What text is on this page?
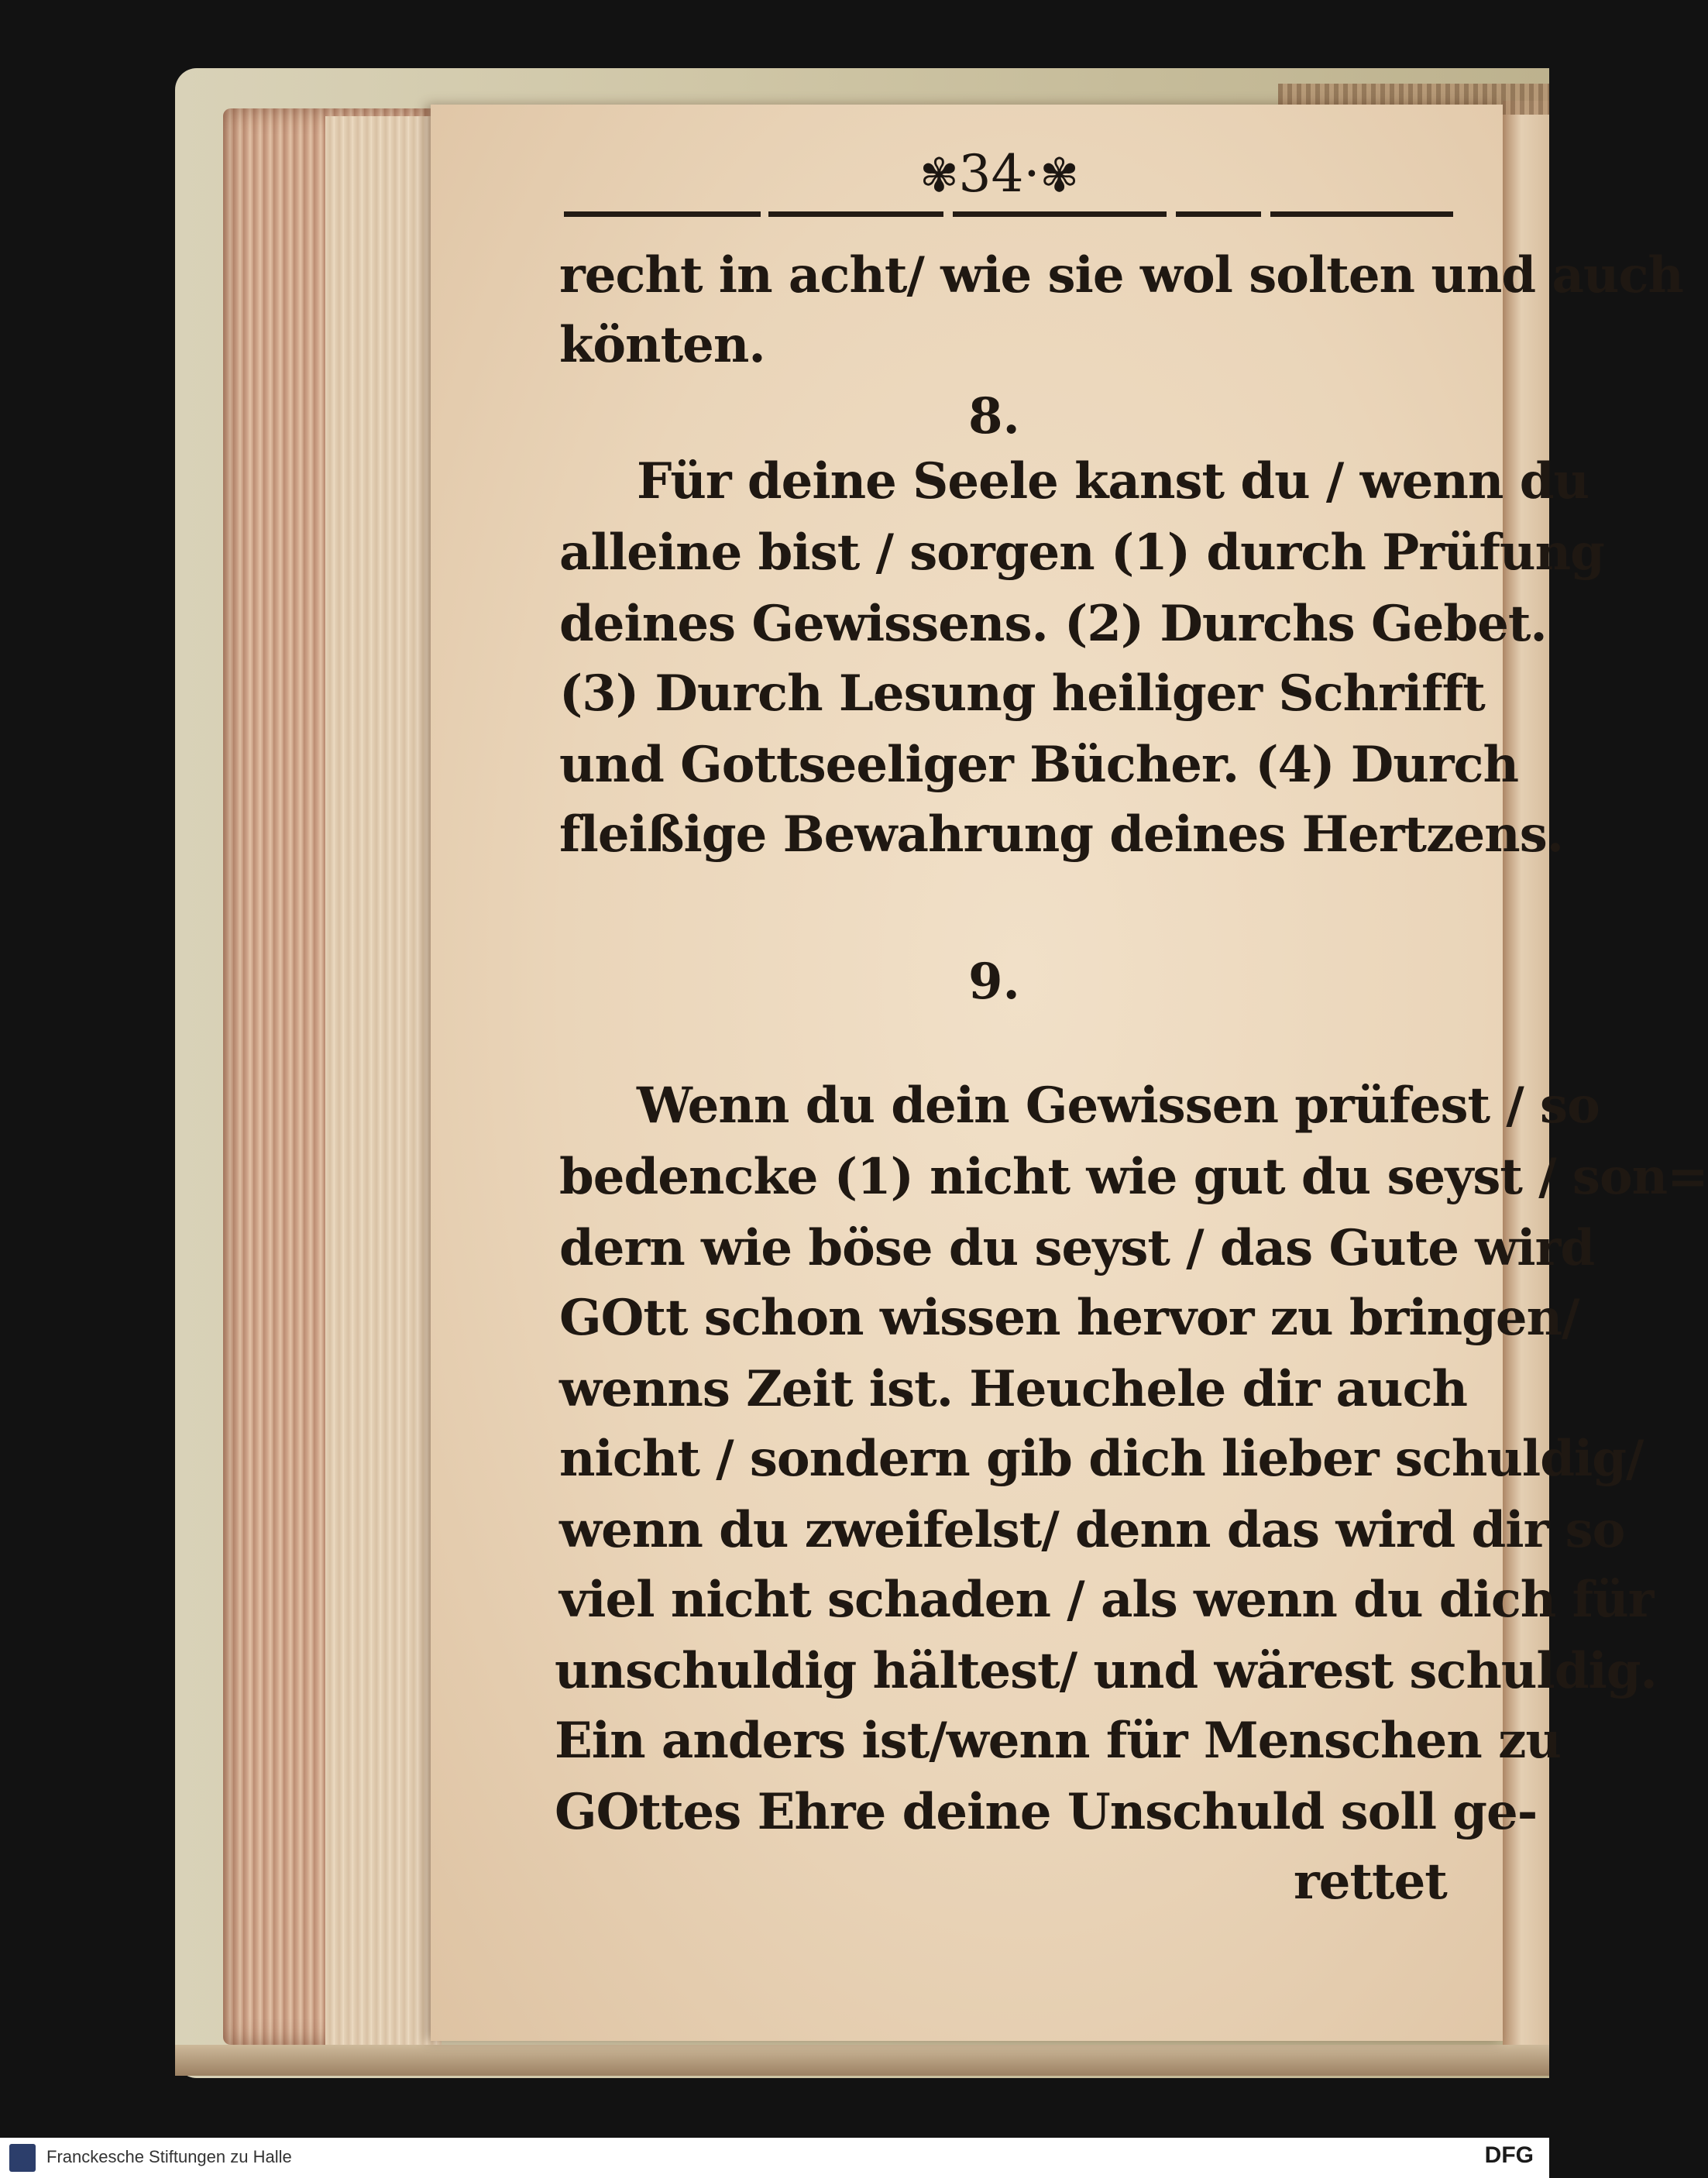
✾34·✾
recht in acht/ wie sie wol solten und auch
könten.
8.
Für deine Seele kanst du / wenn du
alleine bist / sorgen (1) durch Prüfung
deines Gewissens. (2) Durchs Gebet.
(3) Durch Lesung heiliger Schrifft
und Gottseeliger Bücher. (4) Durch
fleißige Bewahrung deines Hertzens.
9.
Wenn du dein Gewissen prüfest / so
bedencke (1) nicht wie gut du seyst / son=
dern wie böse du seyst / das Gute wird
GOtt schon wissen hervor zu bringen/
wenns Zeit ist. Heuchele dir auch
nicht / sondern gib dich lieber schuldig/
wenn du zweifelst/ denn das wird dir so
viel nicht schaden / als wenn du dich für
unschuldig hältest/ und wärest schuldig.
Ein anders ist/wenn für Menschen zu
GOttes Ehre deine Unschuld soll ge-
rettet
Franckesche Stiftungen zu Halle	DFG
